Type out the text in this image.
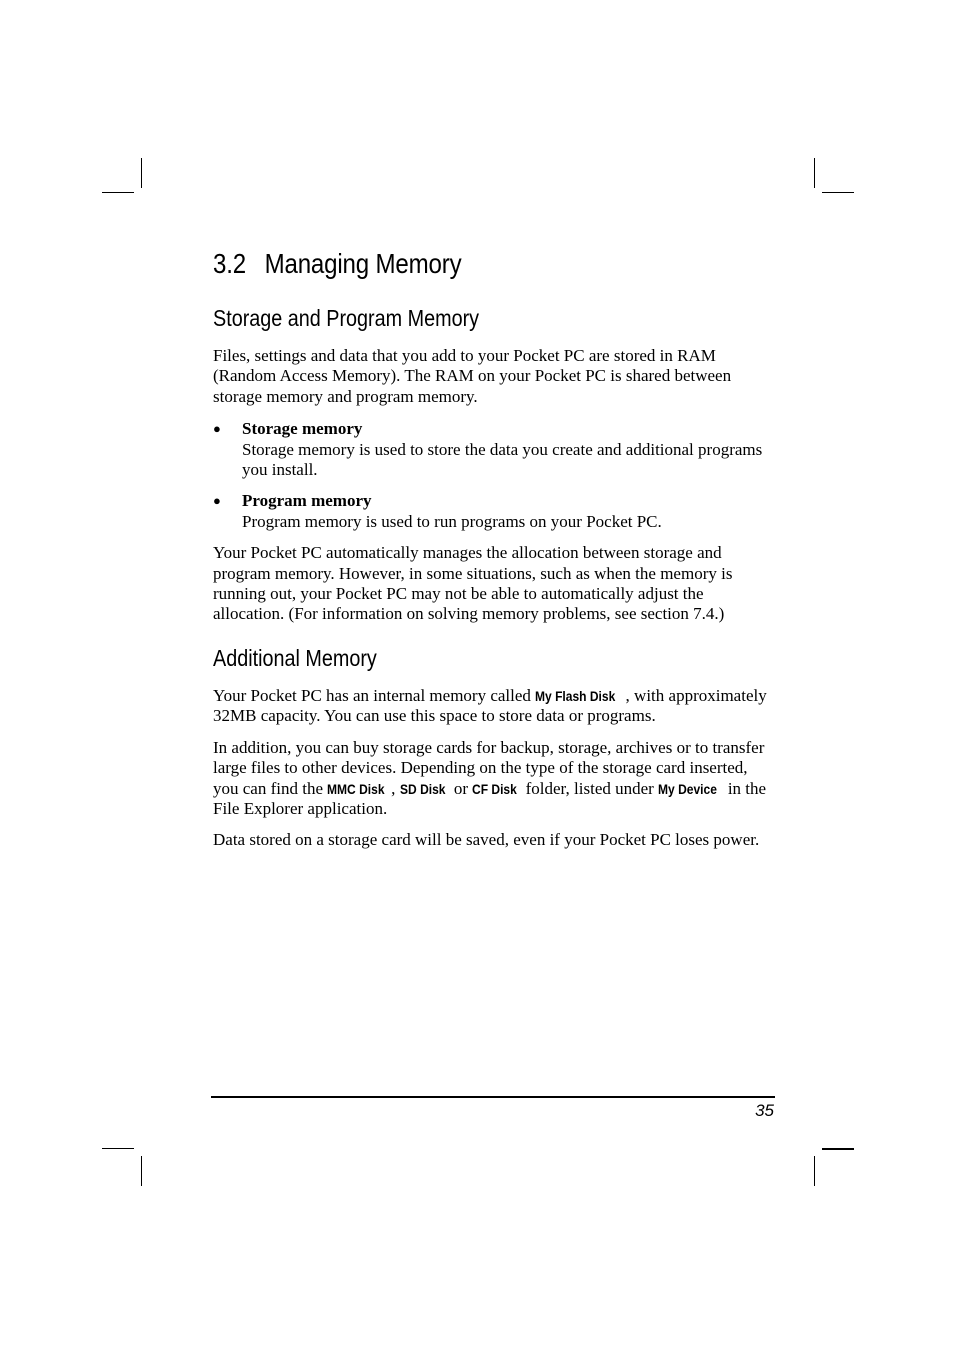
3.2 Managing Memory
Storage and Program Memory

Files, settings and data that you add to your Pocket PC are stored in RAM (Random Access Memory). The RAM on your Pocket PC is shared between storage memory and program memory.

● Storage memory
Storage memory is used to store the data you create and additional programs you install.
● Program memory
Program memory is used to run programs on your Pocket PC.

Your Pocket PC automatically manages the allocation between storage and program memory. However, in some situations, such as when the memory is running out, your Pocket PC may not be able to automatically adjust the allocation. (For information on solving memory problems, see section 7.4.)

Additional Memory

Your Pocket PC has an internal memory called My Flash Disk , with approximately 32MB capacity. You can use this space to store data or programs.

In addition, you can buy storage cards for backup, storage, archives or to transfer large files to other devices. Depending on the type of the storage card inserted, you can find the MMC Disk , SD Disk or CF Disk folder, listed under My Device in the File Explorer application.

Data stored on a storage card will be saved, even if your Pocket PC loses power.

35
